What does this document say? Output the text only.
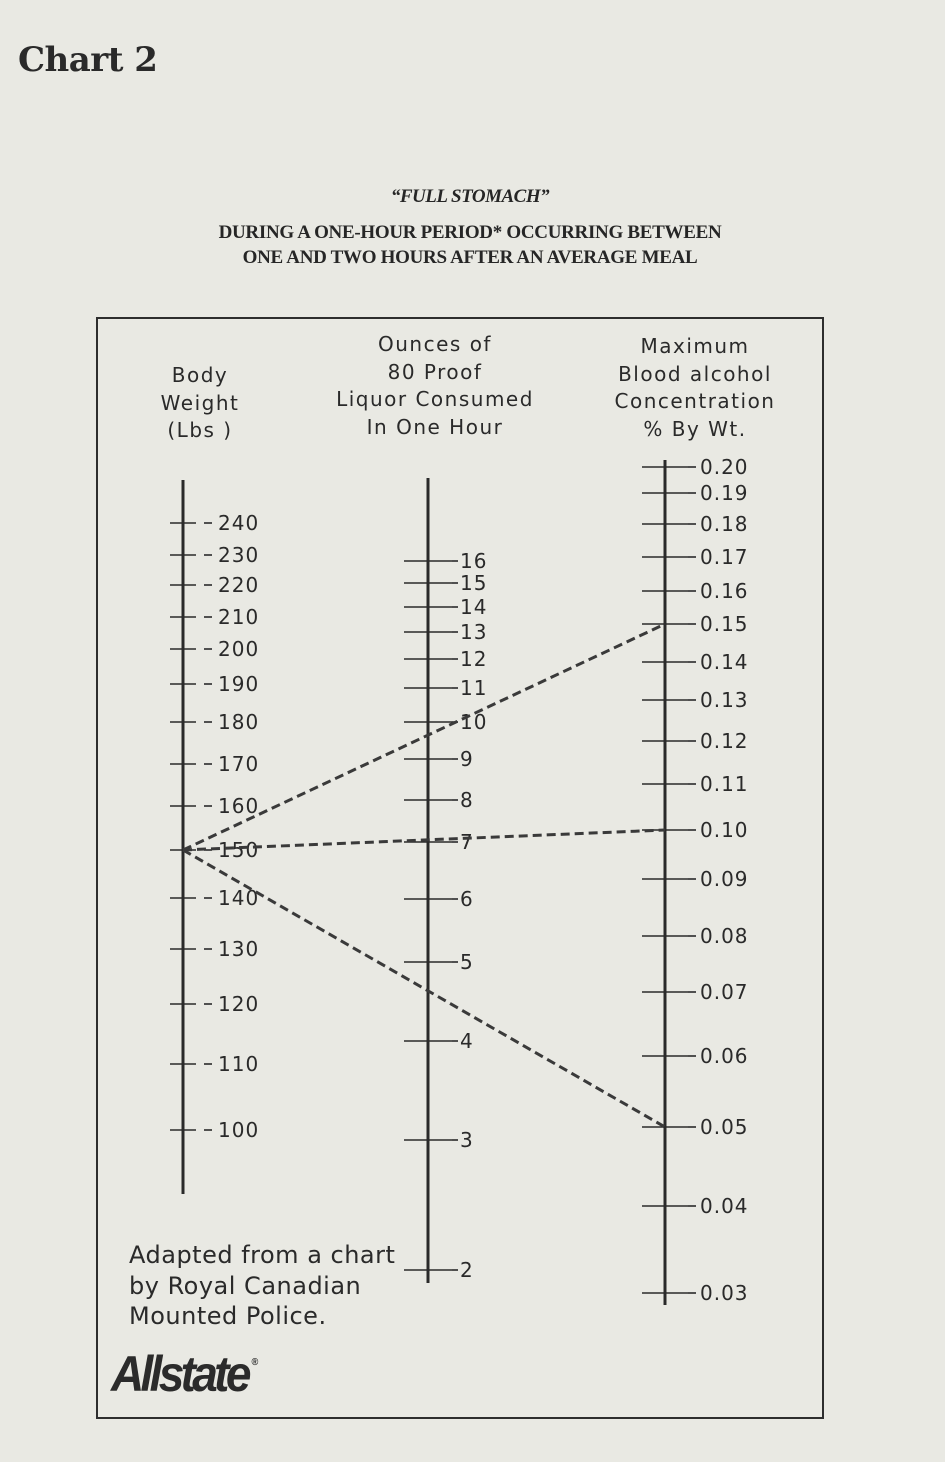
Chart 2
“FULL STOMACH”
DURING A ONE-HOUR PERIOD* OCCURRING BETWEEN
ONE AND TWO HOURS AFTER AN AVERAGE MEAL
Body
Weight
(Lbs )
Ounces of
80 Proof
Liquor Consumed
In One Hour
Maximum
Blood alcohol
Concentration
% By Wt.
240
230
220
210
200
190
180
170
160
150
140
130
120
110
100
16
15
14
13
12
11
10
9
8
7
6
5
4
3
2
0.20
0.19
0.18
0.17
0.16
0.15
0.14
0.13
0.12
0.11
0.10
0.09
0.08
0.07
0.06
0.05
0.04
0.03
Adapted from a chart
by Royal Canadian
Mounted Police.
Allstate ®
